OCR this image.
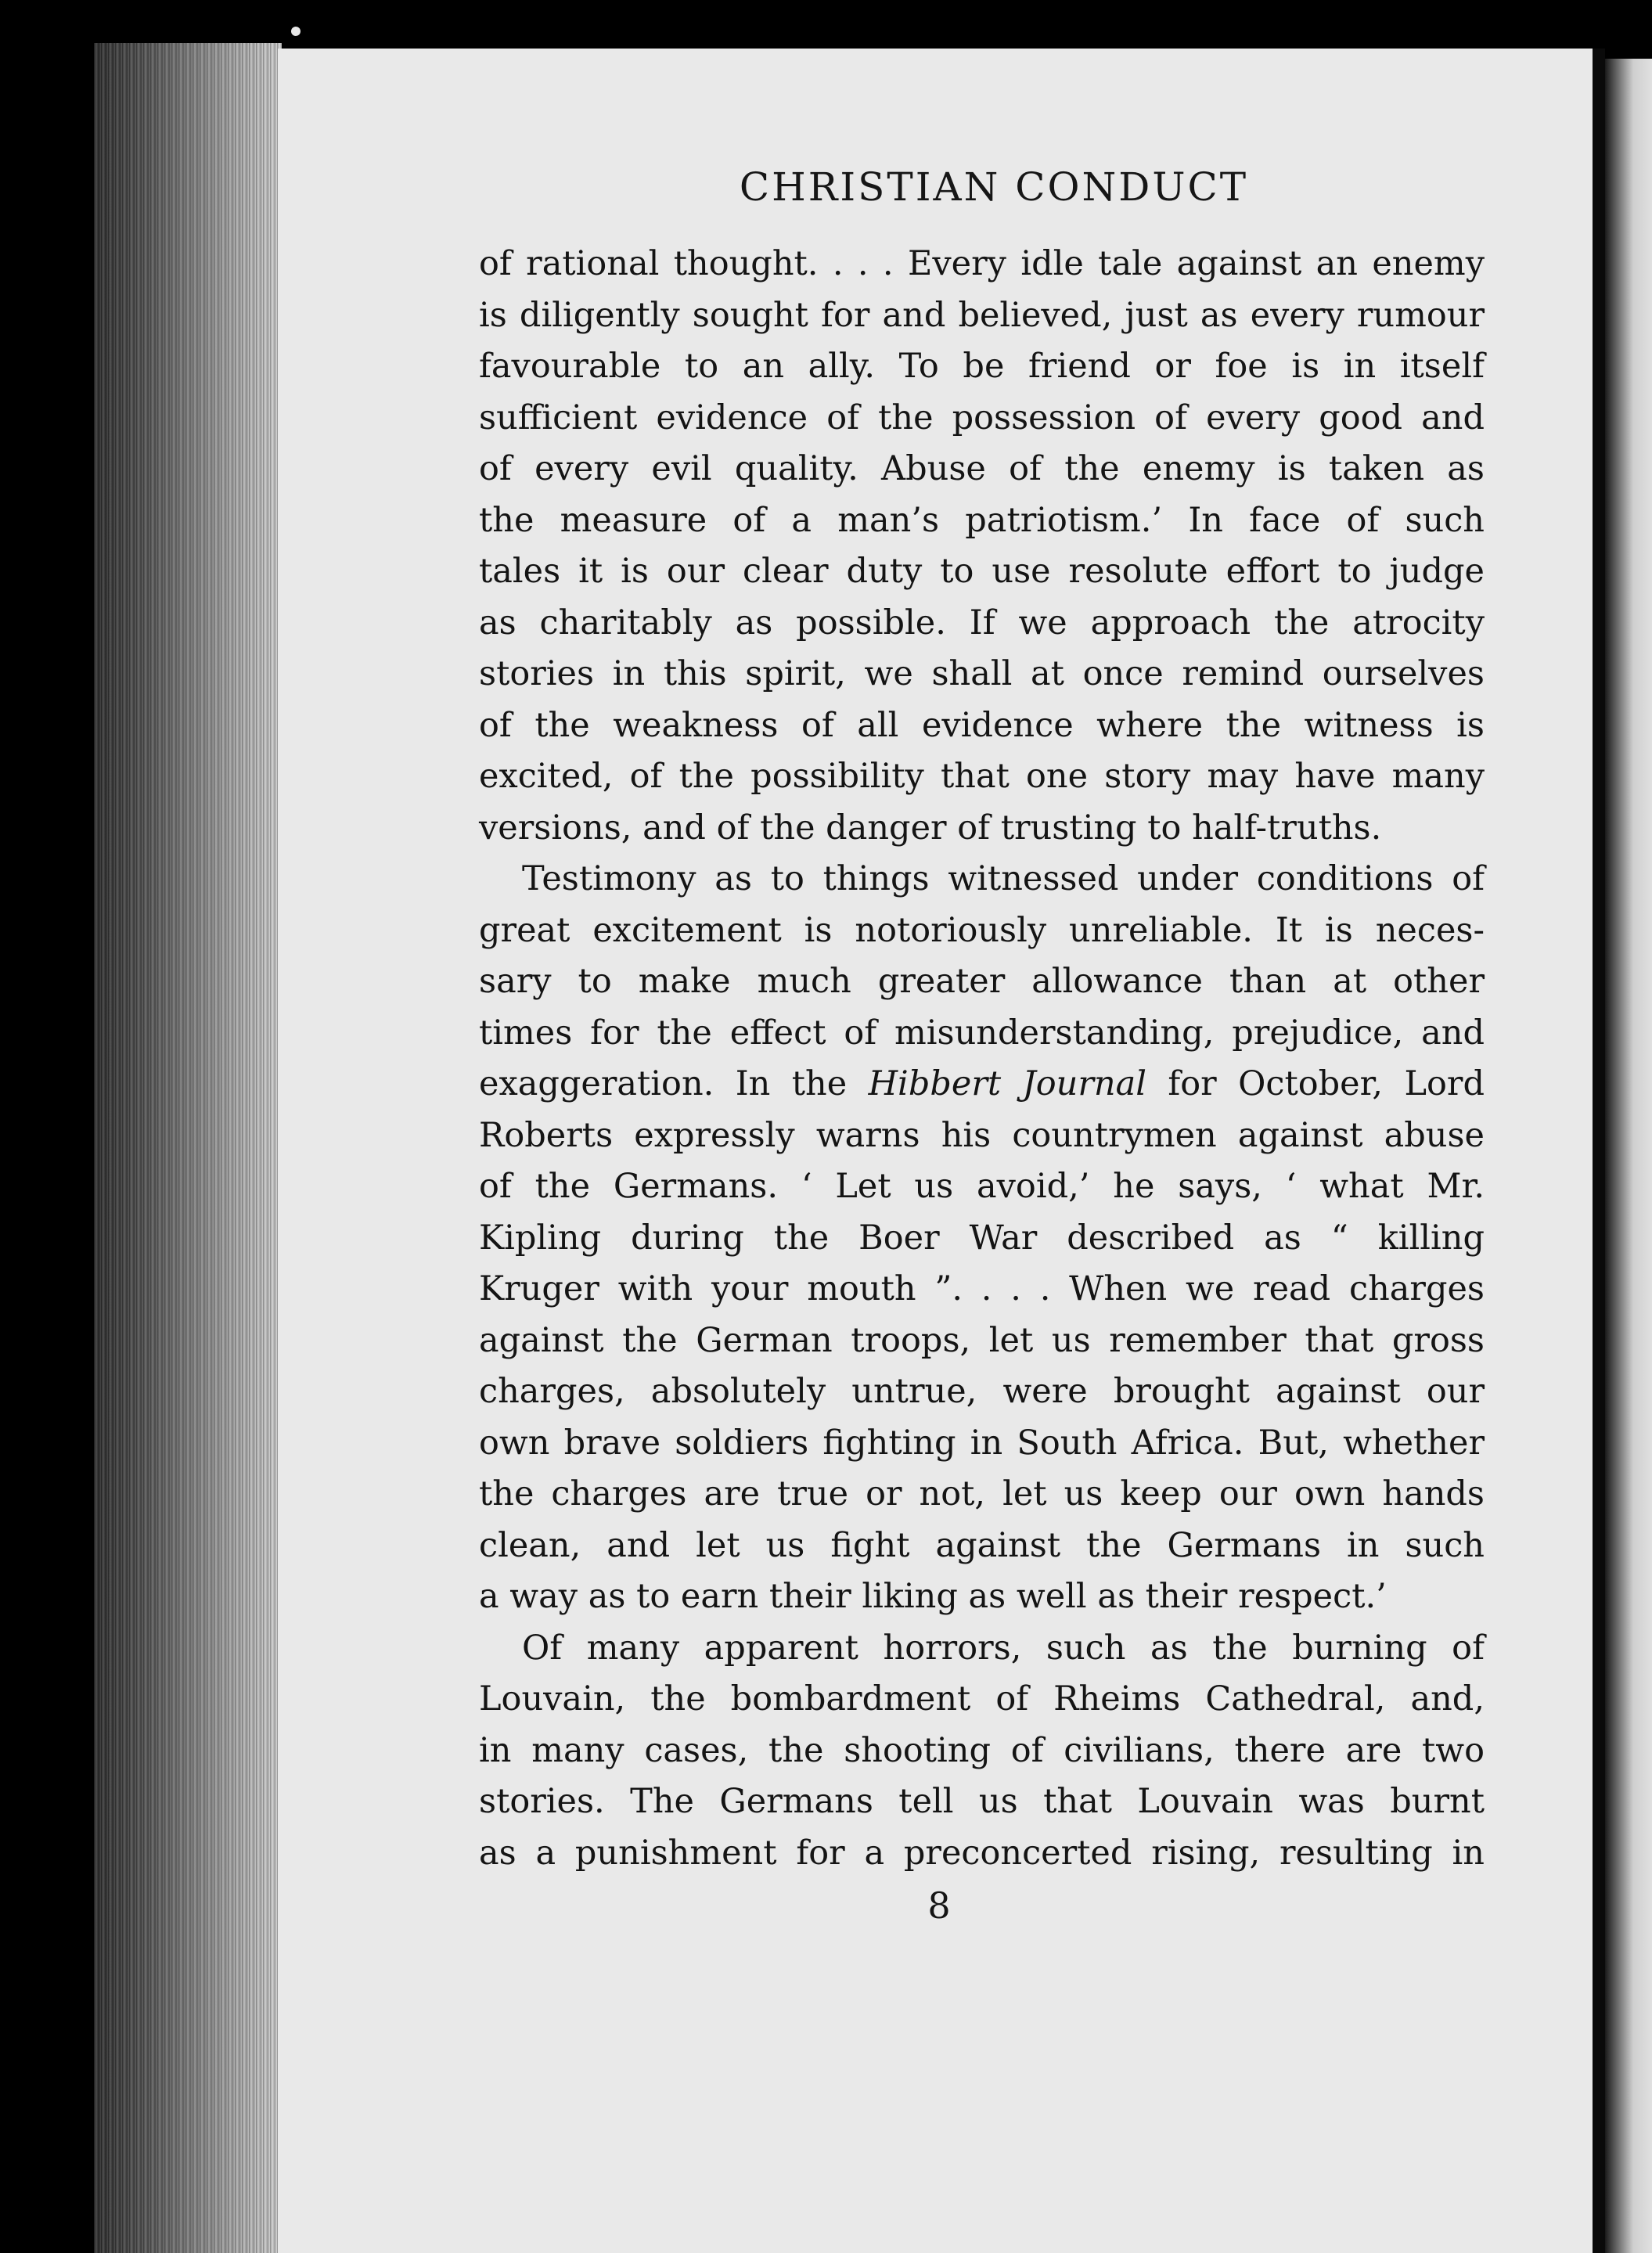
CHRISTIAN CONDUCT
of rational thought. . . . Every idle tale against an enemy
is diligently sought for and believed, just as every rumour
favourable to an ally. To be friend or foe is in itself
sufficient evidence of the possession of every good and
of every evil quality. Abuse of the enemy is taken as
the measure of a man’s patriotism.’ In face of such
tales it is our clear duty to use resolute effort to judge
as charitably as possible. If we approach the atrocity
stories in this spirit, we shall at once remind ourselves
of the weakness of all evidence where the witness is
excited, of the possibility that one story may have many
versions, and of the danger of trusting to half-truths.
Testimony as to things witnessed under conditions of
great excitement is notoriously unreliable. It is neces-
sary to make much greater allowance than at other
times for the effect of misunderstanding, prejudice, and
exaggeration. In the Hibbert Journal for October, Lord
Roberts expressly warns his countrymen against abuse
of the Germans. ‘ Let us avoid,’ he says, ‘ what Mr.
Kipling during the Boer War described as “ killing
Kruger with your mouth ”. . . . When we read charges
against the German troops, let us remember that gross
charges, absolutely untrue, were brought against our
own brave soldiers fighting in South Africa. But, whether
the charges are true or not, let us keep our own hands
clean, and let us fight against the Germans in such
a way as to earn their liking as well as their respect.’
Of many apparent horrors, such as the burning of
Louvain, the bombardment of Rheims Cathedral, and,
in many cases, the shooting of civilians, there are two
stories. The Germans tell us that Louvain was burnt
as a punishment for a preconcerted rising, resulting in
8
